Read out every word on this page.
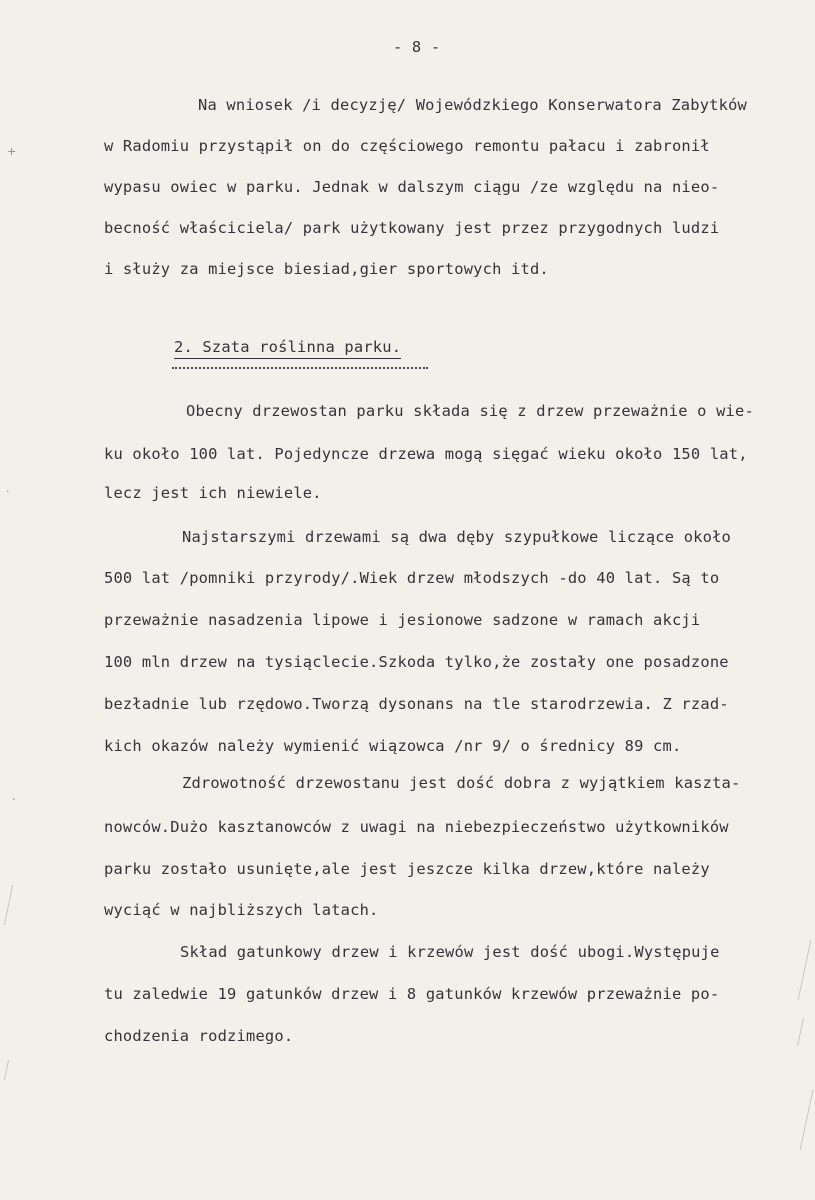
- 8 -
Na wniosek /i decyzję/ Wojewódzkiego Konserwatora Zabytków
w Radomiu przystąpił on do częściowego remontu pałacu i zabronił
wypasu owiec w parku. Jednak w dalszym ciągu /ze względu na nieo-
becność właściciela/ park użytkowany jest przez przygodnych ludzi
i służy za miejsce biesiad,gier sportowych itd.
2. Szata roślinna parku.
Obecny drzewostan parku składa się z drzew przeważnie o wie-
ku około 100 lat. Pojedyncze drzewa mogą sięgać wieku około 150 lat,
lecz jest ich niewiele.
Najstarszymi drzewami są dwa dęby szypułkowe liczące około
500 lat /pomniki przyrody/.Wiek drzew młodszych -do 40 lat. Są to
przeważnie nasadzenia lipowe i jesionowe sadzone w ramach akcji
100 mln drzew na tysiąclecie.Szkoda tylko,że zostały one posadzone
bezładnie lub rzędowo.Tworzą dysonans na tle starodrzewia. Z rzad-
kich okazów należy wymienić wiązowca /nr 9/ o średnicy 89 cm.
Zdrowotność drzewostanu jest dość dobra z wyjątkiem kaszta-
nowców.Dużo kasztanowców z uwagi na niebezpieczeństwo użytkowników
parku zostało usunięte,ale jest jeszcze kilka drzew,które należy
wyciąć w najbliższych latach.
Skład gatunkowy drzew i krzewów jest dość ubogi.Występuje
tu zaledwie 19 gatunków drzew i 8 gatunków krzewów przeważnie po-
chodzenia rodzimego.
+
·
·
